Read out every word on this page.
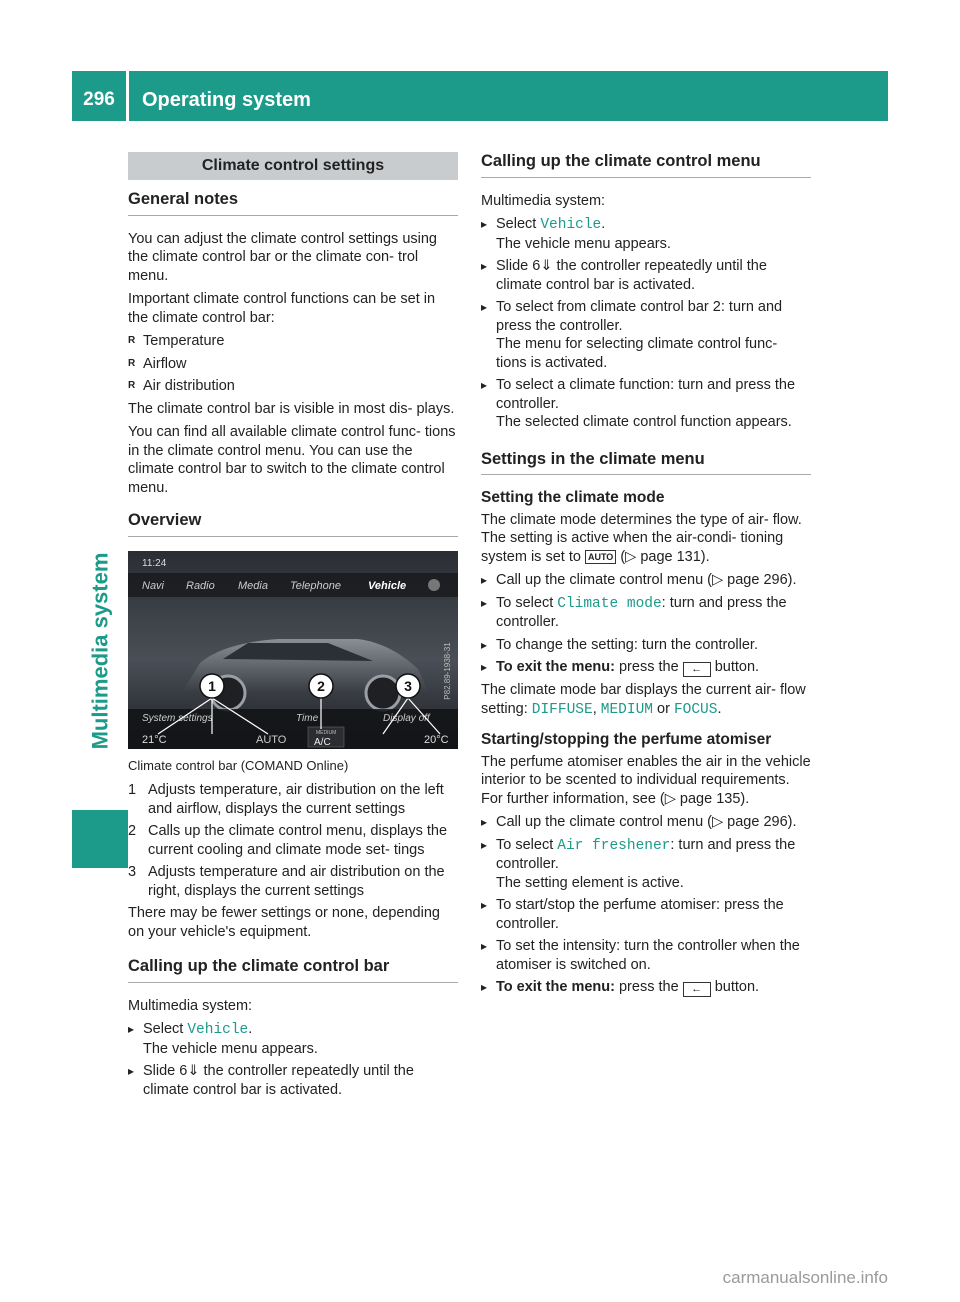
296	Operating system
Multimedia system
Climate control settings
General notes

You can adjust the climate control settings using the climate control bar or the climate con- trol menu.

Important climate control functions can be set in the climate control bar:

R Temperature
R Airflow
R Air distribution

The climate control bar is visible in most dis- plays.

You can find all available climate control func- tions in the climate control menu. You can use the climate control bar to switch to the climate control menu.

Overview
11:24
Navi Radio Media Telephone Vehicle
System settings	Time	Display off
21°C	20°C
AUTO
MEDIUM
A/C
1	2	3	P82.89-1938-31
Climate control bar (COMAND Online)
1 Adjusts temperature, air distribution on the left and airflow, displays the current settings
2 Calls up the climate control menu, displays the current cooling and climate mode set- tings
3 Adjusts temperature and air distribution on the right, displays the current settings

There may be fewer settings or none, depending on your vehicle's equipment.

Calling up the climate control bar

Multimedia system:

▸ Select Vehicle.
The vehicle menu appears.
▸ Slide 6⇓ the controller repeatedly until the climate control bar is activated.
Calling up the climate control menu

Multimedia system:

▸ Select Vehicle.
The vehicle menu appears.
▸ Slide 6⇓ the controller repeatedly until the climate control bar is activated.
▸ To select from climate control bar 2: turn and press the controller.
The menu for selecting climate control func- tions is activated.
▸ To select a climate function: turn and press the controller.
The selected climate control function appears.
Settings in the climate menu
Setting the climate mode

The climate mode determines the type of air- flow. The setting is active when the air-condi- tioning system is set to AUTO (▷ page 131).

▸ Call up the climate control menu (▷ page 296).
▸ To select Climate mode: turn and press the controller.
▸ To change the setting: turn the controller.
▸ To exit the menu: press the ← button.

The climate mode bar displays the current air- flow setting: DIFFUSE, MEDIUM or FOCUS.

Starting/stopping the perfume atomiser

The perfume atomiser enables the air in the vehicle interior to be scented to individual requirements. For further information, see (▷ page 135).

▸ Call up the climate control menu (▷ page 296).
▸ To select Air freshener: turn and press the controller.
The setting element is active.
▸ To start/stop the perfume atomiser: press the controller.
▸ To set the intensity: turn the controller when the atomiser is switched on.
▸ To exit the menu: press the ← button.
carmanualsonline.info
